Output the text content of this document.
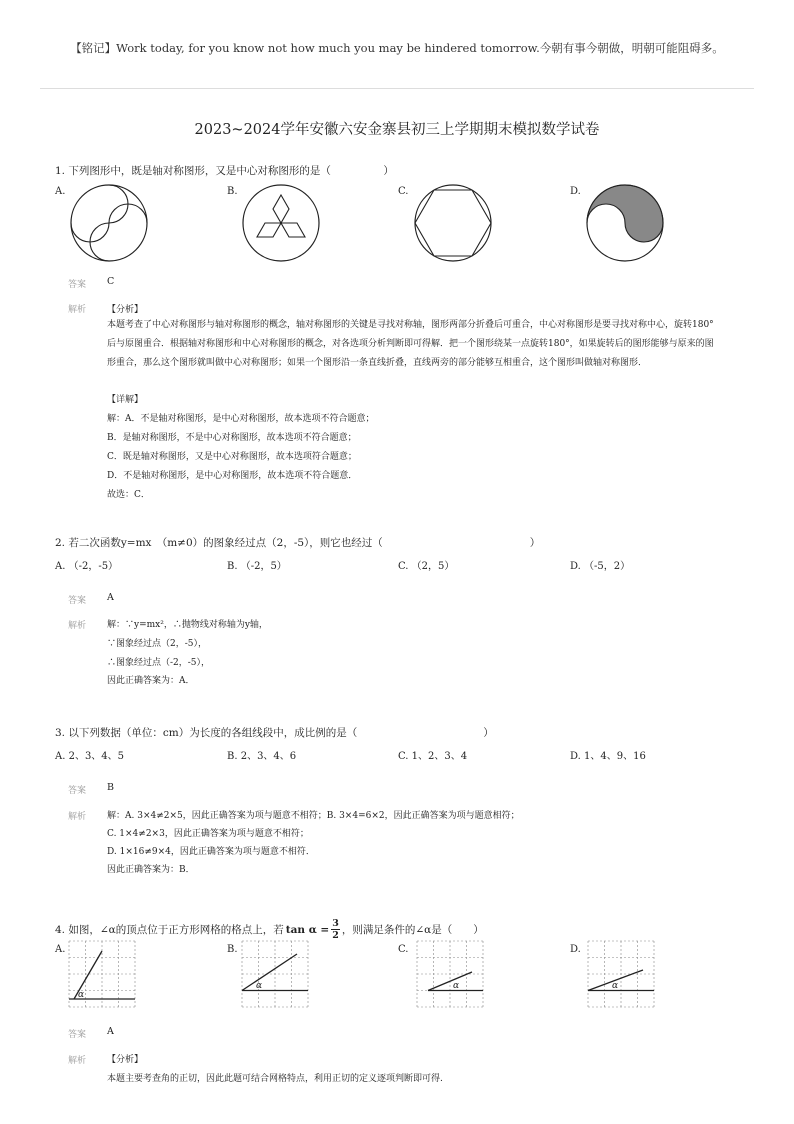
【铭记】Work today, for you know not how much you may be hindered tomorrow.今朝有事今朝做，明朝可能阻碍多。
2023~2024学年安徽六安金寨县初三上学期期末模拟数学试卷
1. 下列图形中，既是轴对称图形，又是中心对称图形的是（　　　　　）
A.	B.	C.	D.
答案 C
解析 【分析】
本题考查了中心对称图形与轴对称图形的概念，轴对称图形的关键是寻找对称轴，图形两部分折叠后可重合，中心对称图形是要寻找对称中心，旋转180°后与原图重合．根据轴对称图形和中心对称图形的概念，对各选项分析判断即可得解．把一个图形绕某一点旋转180°，如果旋转后的图形能够与原来的图形重合，那么这个图形就叫做中心对称图形；如果一个图形沿一条直线折叠，直线两旁的部分能够互相重合，这个图形叫做轴对称图形．
【详解】
解：A．不是轴对称图形，是中心对称图形，故本选项不符合题意；
B．是轴对称图形，不是中心对称图形，故本选项不符合题意；
C．既是轴对称图形，又是中心对称图形，故本选项符合题意；
D．不是轴对称图形，是中心对称图形，故本选项不符合题意．
故选：C．
2. 若二次函数y=mx　（m≠0）的图象经过点（2，-5），则它也经过（　　　　　　　　　　　　　　）
A. （-2，-5）	B. （-2，5）	C. （2，5）	D. （-5，2）
答案 A
解析 解：∵y=mx²，∴抛物线对称轴为y轴，
∵图象经过点（2，-5），
∴图象经过点（-2，-5），
因此正确答案为：A．
3. 以下列数据（单位：cm）为长度的各组线段中，成比例的是（　　　　　　　　　　　　）
A. 2、3、4、5	B. 2、3、4、6	C. 1、2、3、4	D. 1、4、9、16
答案 B
解析 解：A. 3×4≠2×5，因此正确答案为项与题意不相符；B. 3×4=6×2，因此正确答案为项与题意相符；
C. 1×4≠2×3，因此正确答案为项与题意不相符；
D. 1×16≠9×4，因此正确答案为项与题意不相符．
因此正确答案为：B．
4. 如图，∠α的顶点位于正方形网格的格点上，若 $\tan \alpha = \frac{3}{2}$ ，则满足条件的∠α是（　　）
A.
α
B.
α
C.
α
D.
α
答案 A
解析 【分析】
本题主要考查角的正切，因此此题可结合网格特点，利用正切的定义逐项判断即可得.
